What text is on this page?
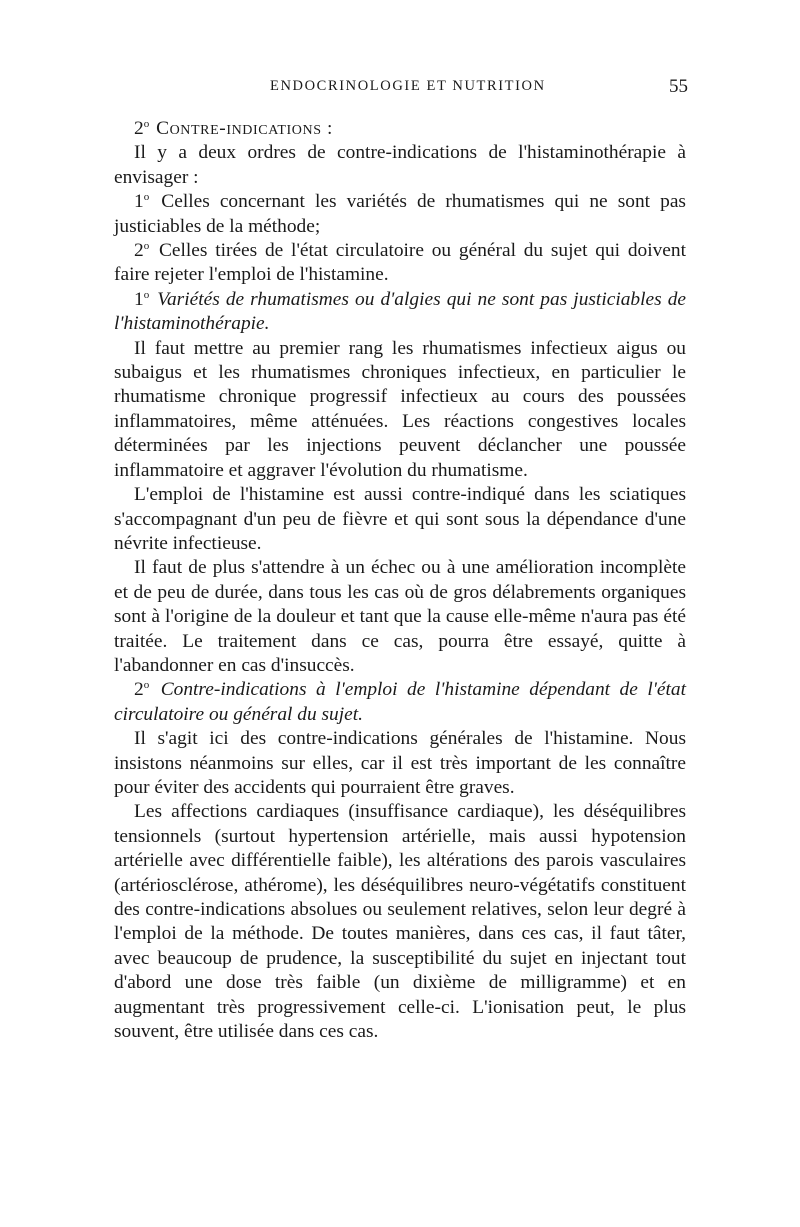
ENDOCRINOLOGIE ET NUTRITION	55

2$^o$ Contre-indications :

Il y a deux ordres de contre-indications de l'histaminothérapie à envisager :

1$^o$ Celles concernant les variétés de rhumatismes qui ne sont pas justiciables de la méthode;

2$^o$ Celles tirées de l'état circulatoire ou général du sujet qui doivent faire rejeter l'emploi de l'histamine.

1$^o$ Variétés de rhumatismes ou d'algies qui ne sont pas justiciables de l'histaminothérapie.

Il faut mettre au premier rang les rhumatismes infectieux aigus ou subaigus et les rhumatismes chroniques infectieux, en particulier le rhumatisme chronique progressif infectieux au cours des poussées inflammatoires, même atténuées. Les réactions congestives locales déterminées par les injections peuvent déclancher une poussée inflammatoire et aggraver l'évolution du rhumatisme.

L'emploi de l'histamine est aussi contre-indiqué dans les sciatiques s'accompagnant d'un peu de fièvre et qui sont sous la dépendance d'une névrite infectieuse.

Il faut de plus s'attendre à un échec ou à une amélioration incomplète et de peu de durée, dans tous les cas où de gros délabrements organiques sont à l'origine de la douleur et tant que la cause elle-même n'aura pas été traitée. Le traitement dans ce cas, pourra être essayé, quitte à l'abandonner en cas d'insuccès.

2$^o$ Contre-indications à l'emploi de l'histamine dépendant de l'état circulatoire ou général du sujet.

Il s'agit ici des contre-indications générales de l'histamine. Nous insistons néanmoins sur elles, car il est très important de les connaître pour éviter des accidents qui pourraient être graves.

Les affections cardiaques (insuffisance cardiaque), les déséquilibres tensionnels (surtout hypertension artérielle, mais aussi hypotension artérielle avec différentielle faible), les altérations des parois vasculaires (artériosclérose, athérome), les déséquilibres neuro-végétatifs constituent des contre-indications absolues ou seulement relatives, selon leur degré à l'emploi de la méthode. De toutes manières, dans ces cas, il faut tâter, avec beaucoup de prudence, la susceptibilité du sujet en injectant tout d'abord une dose très faible (un dixième de milligramme) et en augmentant très progressivement celle-ci. L'ionisation peut, le plus souvent, être utilisée dans ces cas.
